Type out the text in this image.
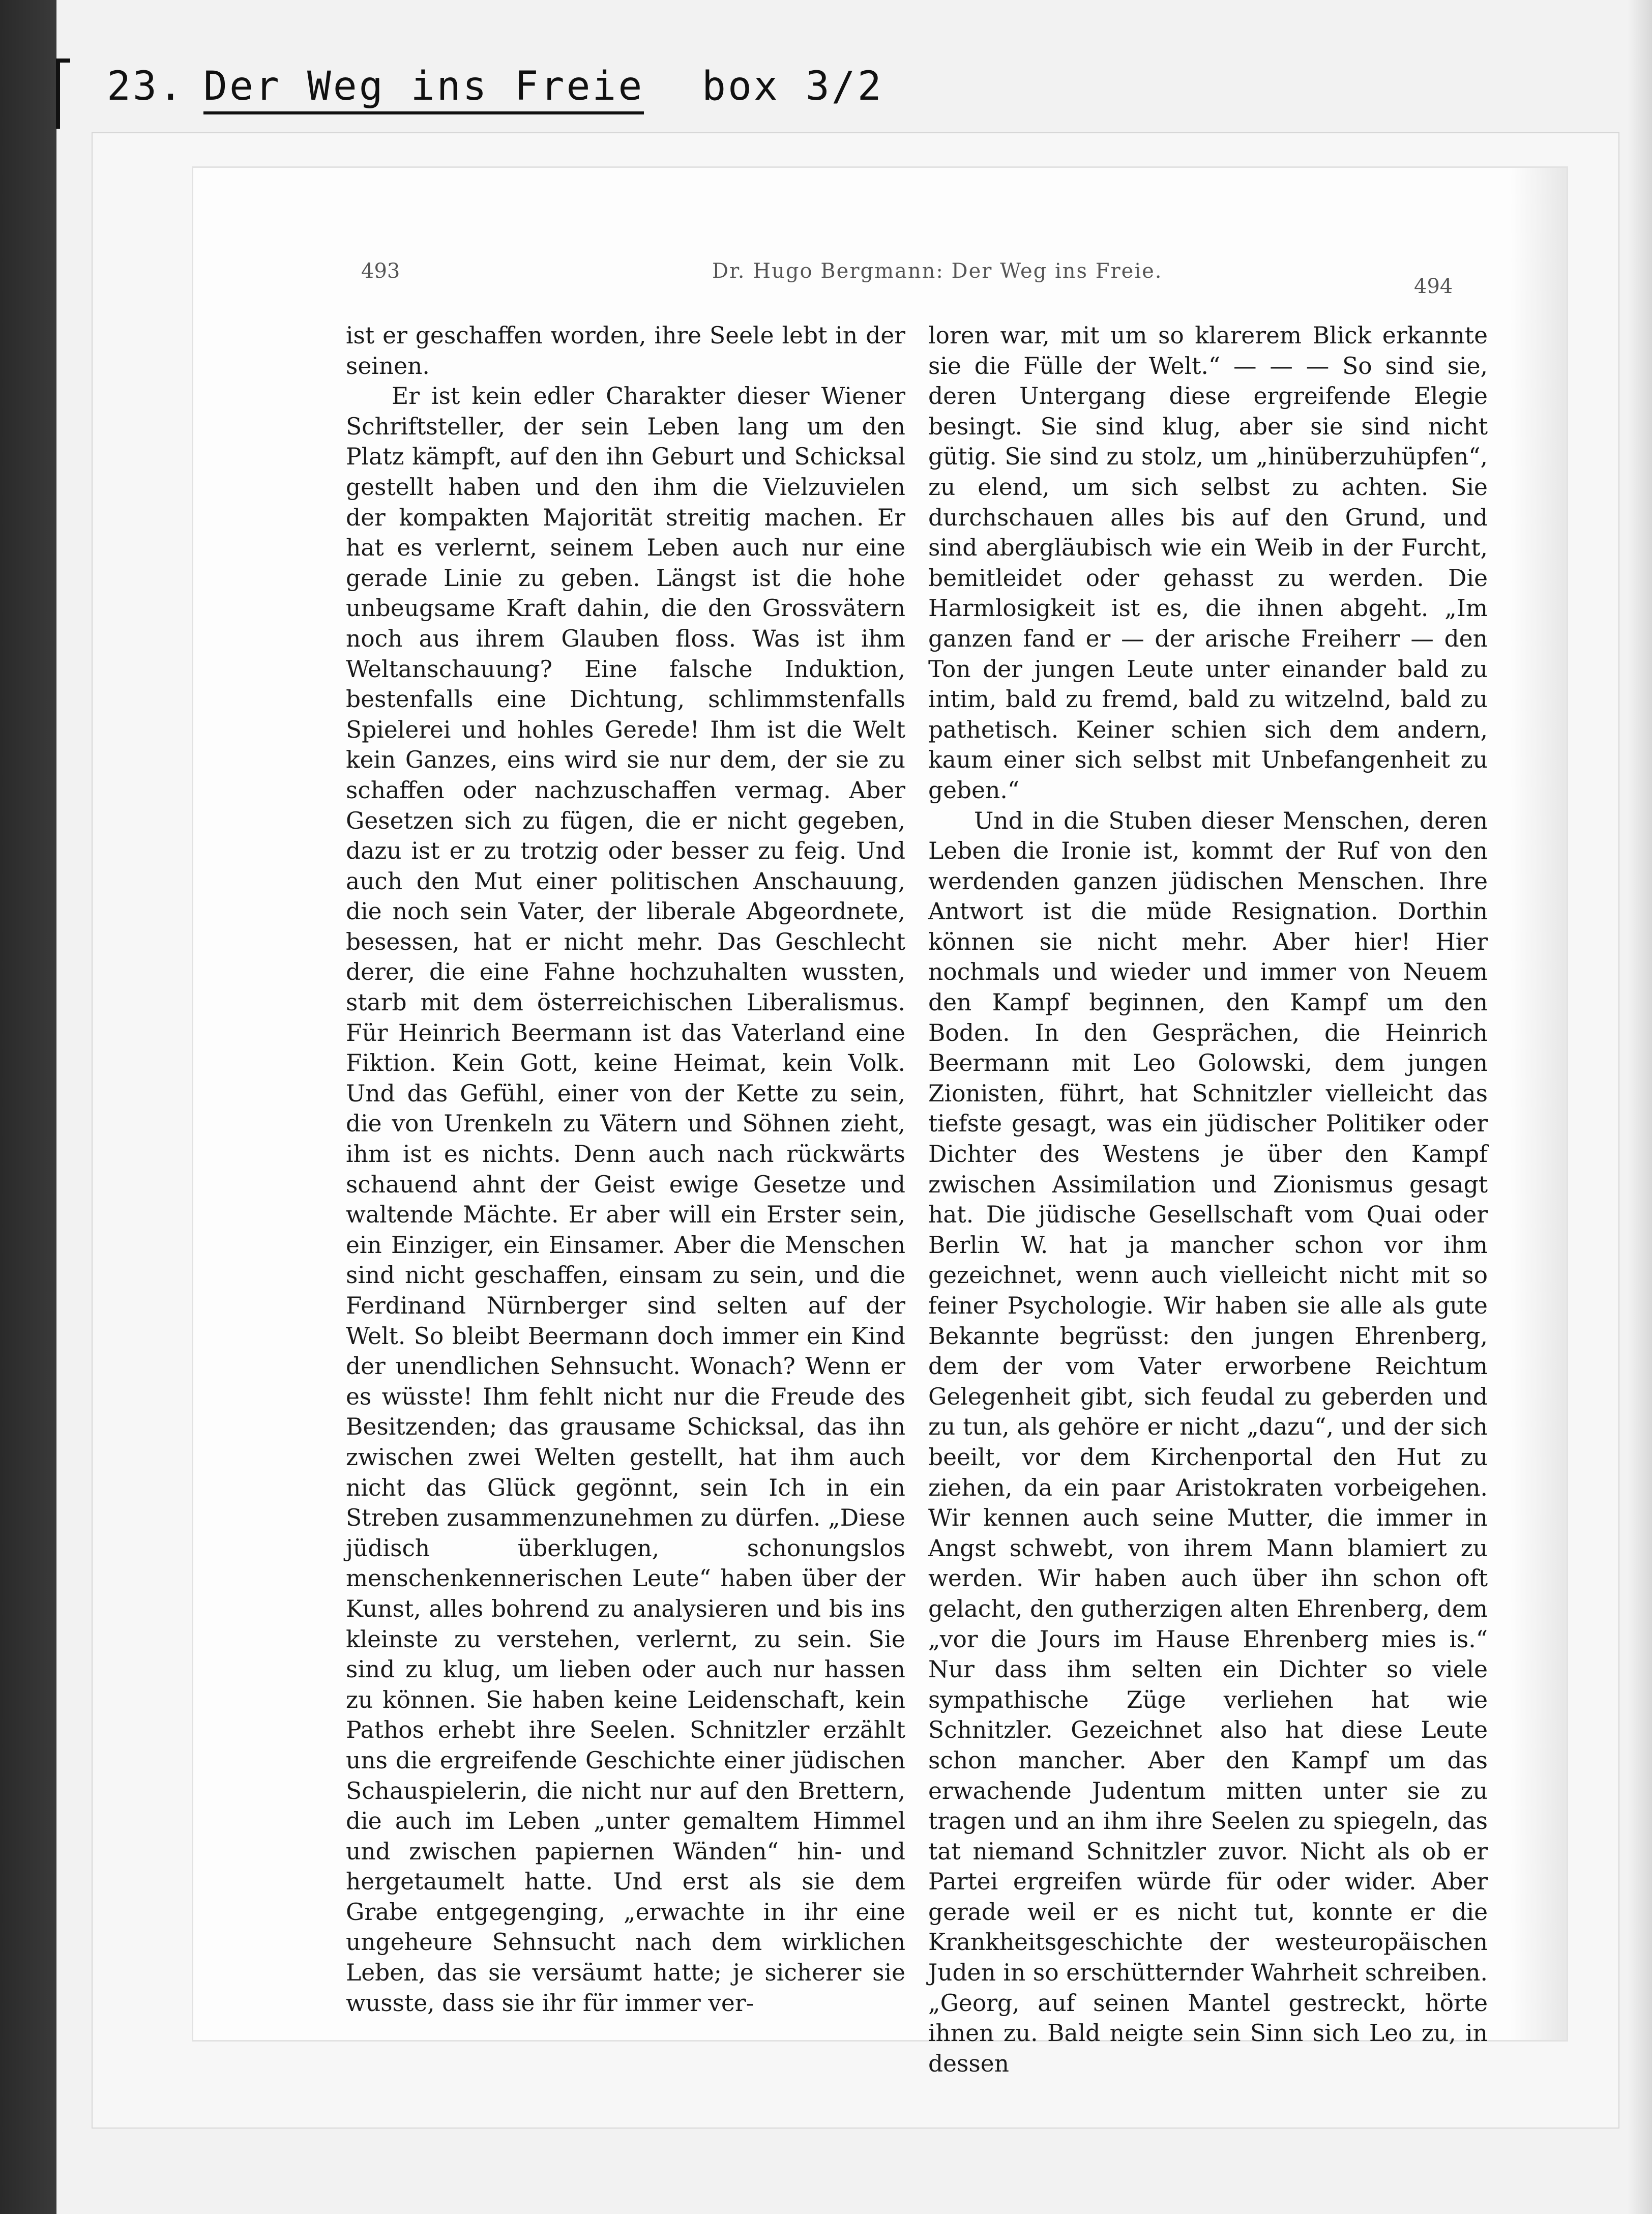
23. Der Weg ins Freie box 3/2
493	Dr. Hugo Bergmann: Der Weg ins Freie.
494

ist er geschaffen worden, ihre Seele lebt in der seinen.

Er ist kein edler Charakter dieser Wiener Schriftsteller, der sein Leben lang um den Platz kämpft, auf den ihn Geburt und Schicksal gestellt haben und den ihm die Vielzuvielen der kompakten Majorität streitig machen. Er hat es verlernt, seinem Leben auch nur eine gerade Linie zu geben. Längst ist die hohe unbeugsame Kraft dahin, die den Grossvätern noch aus ihrem Glauben floss. Was ist ihm Weltanschauung? Eine falsche Induktion, bestenfalls eine Dichtung, schlimmstenfalls Spielerei und hohles Gerede! Ihm ist die Welt kein Ganzes, eins wird sie nur dem, der sie zu schaffen oder nachzuschaffen vermag. Aber Gesetzen sich zu fügen, die er nicht gegeben, dazu ist er zu trotzig oder besser zu feig. Und auch den Mut einer politischen Anschauung, die noch sein Vater, der liberale Abgeordnete, besessen, hat er nicht mehr. Das Geschlecht derer, die eine Fahne hochzuhalten wussten, starb mit dem österreichischen Liberalismus. Für Heinrich Beermann ist das Vaterland eine Fiktion. Kein Gott, keine Heimat, kein Volk. Und das Gefühl, einer von der Kette zu sein, die von Urenkeln zu Vätern und Söhnen zieht, ihm ist es nichts. Denn auch nach rückwärts schauend ahnt der Geist ewige Gesetze und waltende Mächte. Er aber will ein Erster sein, ein Einziger, ein Einsamer. Aber die Menschen sind nicht geschaffen, einsam zu sein, und die Ferdinand Nürnberger sind selten auf der Welt. So bleibt Beermann doch immer ein Kind der unendlichen Sehnsucht. Wonach? Wenn er es wüsste! Ihm fehlt nicht nur die Freude des Besitzenden; das grausame Schicksal, das ihn zwischen zwei Welten gestellt, hat ihm auch nicht das Glück gegönnt, sein Ich in ein Streben zusammenzunehmen zu dürfen. „Diese jüdisch überklugen, schonungslos menschenkennerischen Leute“ haben über der Kunst, alles bohrend zu analysieren und bis ins kleinste zu verstehen, verlernt, zu sein. Sie sind zu klug, um lieben oder auch nur hassen zu können. Sie haben keine Leidenschaft, kein Pathos erhebt ihre Seelen. Schnitzler erzählt uns die ergreifende Geschichte einer jüdischen Schauspielerin, die nicht nur auf den Brettern, die auch im Leben „unter gemaltem Himmel und zwischen papiernen Wänden“ hin- und hergetaumelt hatte. Und erst als sie dem Grabe entgegenging, „erwachte in ihr eine ungeheure Sehnsucht nach dem wirklichen Leben, das sie versäumt hatte; je sicherer sie wusste, dass sie ihr für immer ver-

loren war, mit um so klarerem Blick erkannte sie die Fülle der Welt.“ — — — So sind sie, deren Untergang diese ergreifende Elegie besingt. Sie sind klug, aber sie sind nicht gütig. Sie sind zu stolz, um „hinüberzuhüpfen“, zu elend, um sich selbst zu achten. Sie durchschauen alles bis auf den Grund, und sind abergläubisch wie ein Weib in der Furcht, bemitleidet oder gehasst zu werden. Die Harmlosigkeit ist es, die ihnen abgeht. „Im ganzen fand er — der arische Freiherr — den Ton der jungen Leute unter einander bald zu intim, bald zu fremd, bald zu witzelnd, bald zu pathetisch. Keiner schien sich dem andern, kaum einer sich selbst mit Unbefangenheit zu geben.“

Und in die Stuben dieser Menschen, deren Leben die Ironie ist, kommt der Ruf von den werdenden ganzen jüdischen Menschen. Ihre Antwort ist die müde Resignation. Dorthin können sie nicht mehr. Aber hier! Hier nochmals und wieder und immer von Neuem den Kampf beginnen, den Kampf um den Boden. In den Gesprächen, die Heinrich Beermann mit Leo Golowski, dem jungen Zionisten, führt, hat Schnitzler vielleicht das tiefste gesagt, was ein jüdischer Politiker oder Dichter des Westens je über den Kampf zwischen Assimilation und Zionismus gesagt hat. Die jüdische Gesellschaft vom Quai oder Berlin W. hat ja mancher schon vor ihm gezeichnet, wenn auch vielleicht nicht mit so feiner Psychologie. Wir haben sie alle als gute Bekannte begrüsst: den jungen Ehrenberg, dem der vom Vater erworbene Reichtum Gelegenheit gibt, sich feudal zu geberden und zu tun, als gehöre er nicht „dazu“, und der sich beeilt, vor dem Kirchenportal den Hut zu ziehen, da ein paar Aristokraten vorbeigehen. Wir kennen auch seine Mutter, die immer in Angst schwebt, von ihrem Mann blamiert zu werden. Wir haben auch über ihn schon oft gelacht, den gutherzigen alten Ehrenberg, dem „vor die Jours im Hause Ehrenberg mies is.“ Nur dass ihm selten ein Dichter so viele sympathische Züge verliehen hat wie Schnitzler. Gezeichnet also hat diese Leute schon mancher. Aber den Kampf um das erwachende Judentum mitten unter sie zu tragen und an ihm ihre Seelen zu spiegeln, das tat niemand Schnitzler zuvor. Nicht als ob er Partei ergreifen würde für oder wider. Aber gerade weil er es nicht tut, konnte er die Krankheitsgeschichte der westeuropäischen Juden in so erschütternder Wahrheit schreiben. „Georg, auf seinen Mantel gestreckt, hörte ihnen zu. Bald neigte sein Sinn sich Leo zu, in dessen
